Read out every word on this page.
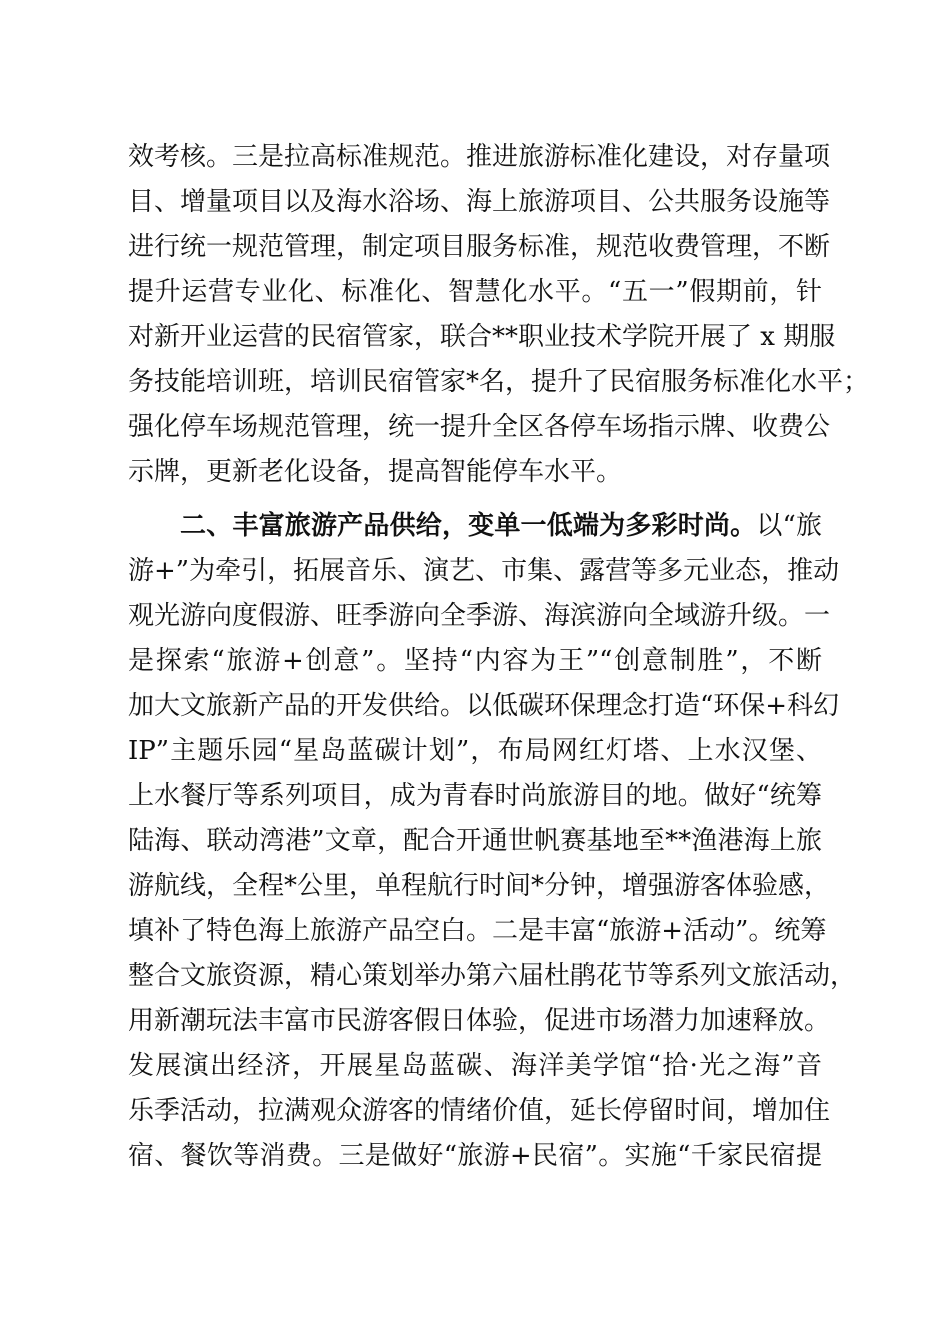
效考核。三是拉高标准规范。推进旅游标准化建设，对存量项
目、增量项目以及海水浴场、海上旅游项目、公共服务设施等
进行统一规范管理，制定项目服务标准，规范收费管理，不断
提升运营专业化、标准化、智慧化水平。“五一”假期前，针
对新开业运营的民宿管家，联合**职业技术学院开展了 x 期服
务技能培训班，培训民宿管家*名，提升了民宿服务标准化水平；
强化停车场规范管理，统一提升全区各停车场指示牌、收费公
示牌，更新老化设备，提高智能停车水平。
二、丰富旅游产品供给，变单一低端为多彩时尚。以“旅
游+”为牵引，拓展音乐、演艺、市集、露营等多元业态，推动
观光游向度假游、旺季游向全季游、海滨游向全域游升级。一
是探索“旅游+创意”。坚持“内容为王”“创意制胜”，不断
加大文旅新产品的开发供给。以低碳环保理念打造“环保+科幻
IP”主题乐园“星岛蓝碳计划”，布局网红灯塔、上水汉堡、
上水餐厅等系列项目，成为青春时尚旅游目的地。做好“统筹
陆海、联动湾港”文章，配合开通世帆赛基地至**渔港海上旅
游航线，全程*公里，单程航行时间*分钟，增强游客体验感，
填补了特色海上旅游产品空白。二是丰富“旅游+活动”。统筹
整合文旅资源，精心策划举办第六届杜鹃花节等系列文旅活动，
用新潮玩法丰富市民游客假日体验，促进市场潜力加速释放。
发展演出经济，开展星岛蓝碳、海洋美学馆“拾·光之海”音
乐季活动，拉满观众游客的情绪价值，延长停留时间，增加住
宿、餐饮等消费。三是做好“旅游+民宿”。实施“千家民宿提
